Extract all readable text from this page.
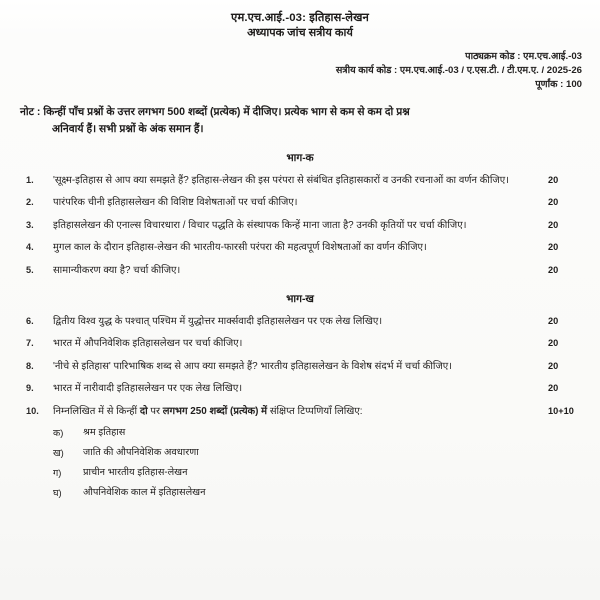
एम.एच.आई.-03: इतिहास-लेखन
अध्यापक जांच सत्रीय कार्य
पाठ्यक्रम कोड : एम.एच.आई.-03
सत्रीय कार्य कोड : एम.एच.आई.-03 / ए.एस.टी. / टी.एम.ए. / 2025-26
पूर्णांक : 100
नोट : किन्हीं पाँच प्रश्नों के उत्तर लगभग 500 शब्दों (प्रत्येक) में दीजिए। प्रत्येक भाग से कम से कम दो प्रश्न
अनिवार्य हैं। सभी प्रश्नों के अंक समान हैं।
भाग-क
1.	'सूक्ष्म-इतिहास से आप क्या समझते हैं? इतिहास-लेखन की इस परंपरा से संबंधित इतिहासकारों व उनकी रचनाओं का वर्णन कीजिए।	20
2.	पारंपरिक चीनी इतिहासलेखन की विशिष्ट विशेषताओं पर चर्चा कीजिए।	20
3.	इतिहासलेखन की एनाल्स विचारधारा / विचार पद्धति के संस्थापक किन्हें माना जाता है? उनकी कृतियों पर चर्चा कीजिए।	20
4.	मुगल काल के दौरान इतिहास-लेखन की भारतीय-फारसी परंपरा की महत्वपूर्ण विशेषताओं का वर्णन कीजिए।	20
5.	सामान्यीकरण क्या है? चर्चा कीजिए।	20
भाग-ख
6.	द्वितीय विश्व युद्ध के पश्चात् पश्चिम में युद्धोत्तर मार्क्सवादी इतिहासलेखन पर एक लेख लिखिए।	20
7.	भारत में औपनिवेशिक इतिहासलेखन पर चर्चा कीजिए।	20
8.	'नीचे से इतिहास' पारिभाषिक शब्द से आप क्या समझते हैं? भारतीय इतिहासलेखन के विशेष संदर्भ में चर्चा कीजिए।	20
9.	भारत में नारीवादी इतिहासलेखन पर एक लेख लिखिए।	20
10.	निम्नलिखित में से किन्हीं दो पर लगभग 250 शब्दों (प्रत्येक) में संक्षिप्त टिप्पणियाँ लिखिए:	10+10
क)	श्रम इतिहास
ख)	जाति की औपनिवेशिक अवधारणा
ग)	प्राचीन भारतीय इतिहास-लेखन
घ)	औपनिवेशिक काल में इतिहासलेखन
